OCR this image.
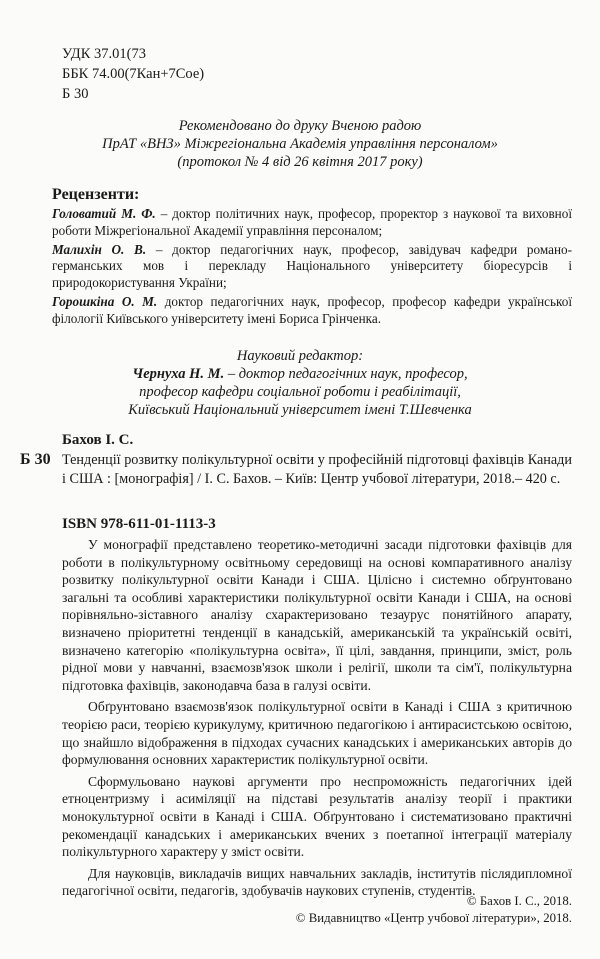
УДК 37.01(73
ББК 74.00(7Кан+7Сое)
Б 30
Рекомендовано до друку Вченою радою
ПрАТ «ВНЗ» Міжрегіональна Академія управління персоналом»
(протокол № 4 від 26 квітня 2017 року)
Рецензенти:

Головатий М. Ф. – доктор політичних наук, професор, проректор з наукової та виховної роботи Міжрегіональної Академії управління персоналом;

Малихін О. В. – доктор педагогічних наук, професор, завідувач кафедри романо-германських мов і перекладу Національного університету біоресурсів і природокористування України;

Горошкіна О. М. доктор педагогічних наук, професор, професор кафедри української філології Київського університету імені Бориса Грінченка.

Науковий редактор:
Чернуха Н. М. – доктор педагогічних наук, професор,
професор кафедри соціальної роботи і реабілітації,
Київський Національний університет імені Т.Шевченка
Б 30
Бахов І. С.
Тенденції розвитку полікультурної освіти у професійній підготовці фахівців Канади і США : [монографія] / І. С. Бахов. – Київ: Центр учбової літератури, 2018.– 420 с.
ISBN 978-611-01-1113-3

У монографії представлено теоретико-методичні засади підготовки фахівців для роботи в полікультурному освітньому середовищі на основі компаративного аналізу розвитку полікультурної освіти Канади і США. Цілісно і системно обґрунтовано загальні та особливі характеристики полікультурної освіти Канади і США, на основі порівняльно-зіставного аналізу схарактеризовано тезаурус понятійного апарату, визначено пріоритетні тенденції в канадській, американській та українській освіті, визначено категорію «полікультурна освіта», її цілі, завдання, принципи, зміст, роль рідної мови у навчанні, взаємозв'язок школи і релігії, школи та сім'ї, полікультурна підготовка фахівців, законодавча база в галузі освіти.

Обґрунтовано взаємозв'язок полікультурної освіти в Канаді і США з критичною теорією раси, теорією курикулуму, критичною педагогікою і антирасистською освітою, що знайшло відображення в підходах сучасних канадських і американських авторів до формулювання основних характеристик полікультурної освіти.

Сформульовано наукові аргументи про неспроможність педагогічних ідей етноцентризму і асиміляції на підставі результатів аналізу теорії і практики монокультурної освіти в Канаді і США. Обґрунтовано і систематизовано практичні рекомендації канадських і американських вчених з поетапної інтеграції матеріалу полікультурного характеру у зміст освіти.

Для науковців, викладачів вищих навчальних закладів, інститутів післядипломної педагогічної освіти, педагогів, здобувачів наукових ступенів, студентів.

© Бахов І. С., 2018.
© Видавництво «Центр учбової літератури», 2018.
